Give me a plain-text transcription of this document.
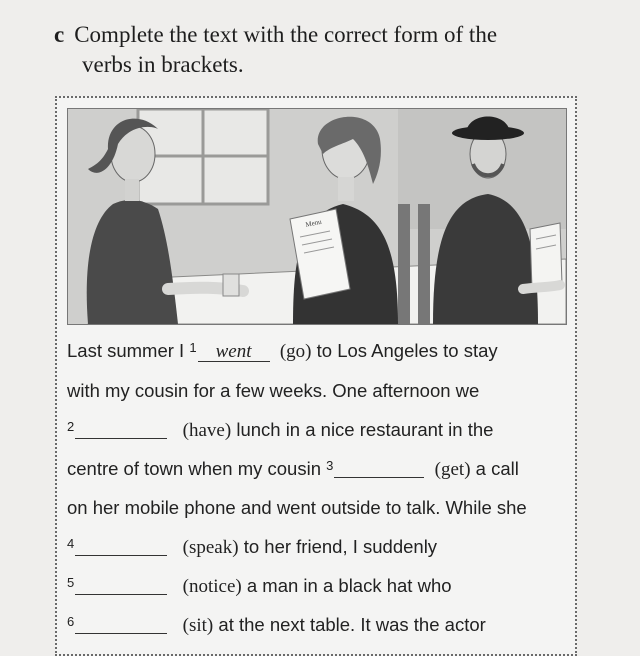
c Complete the text with the correct form of the
verbs in brackets.
Menu
Last summer I $^1$ went (go) to Los Angeles to stay
with my cousin for a few weeks. One afternoon we
$^2$	(have) lunch in a nice restaurant in the
centre of town when my cousin $^3$	(get) a call
on her mobile phone and went outside to talk. While she
$^4$	(speak) to her friend, I suddenly
$^5$	(notice) a man in a black hat who
$^6$	(sit) at the next table. It was the actor
